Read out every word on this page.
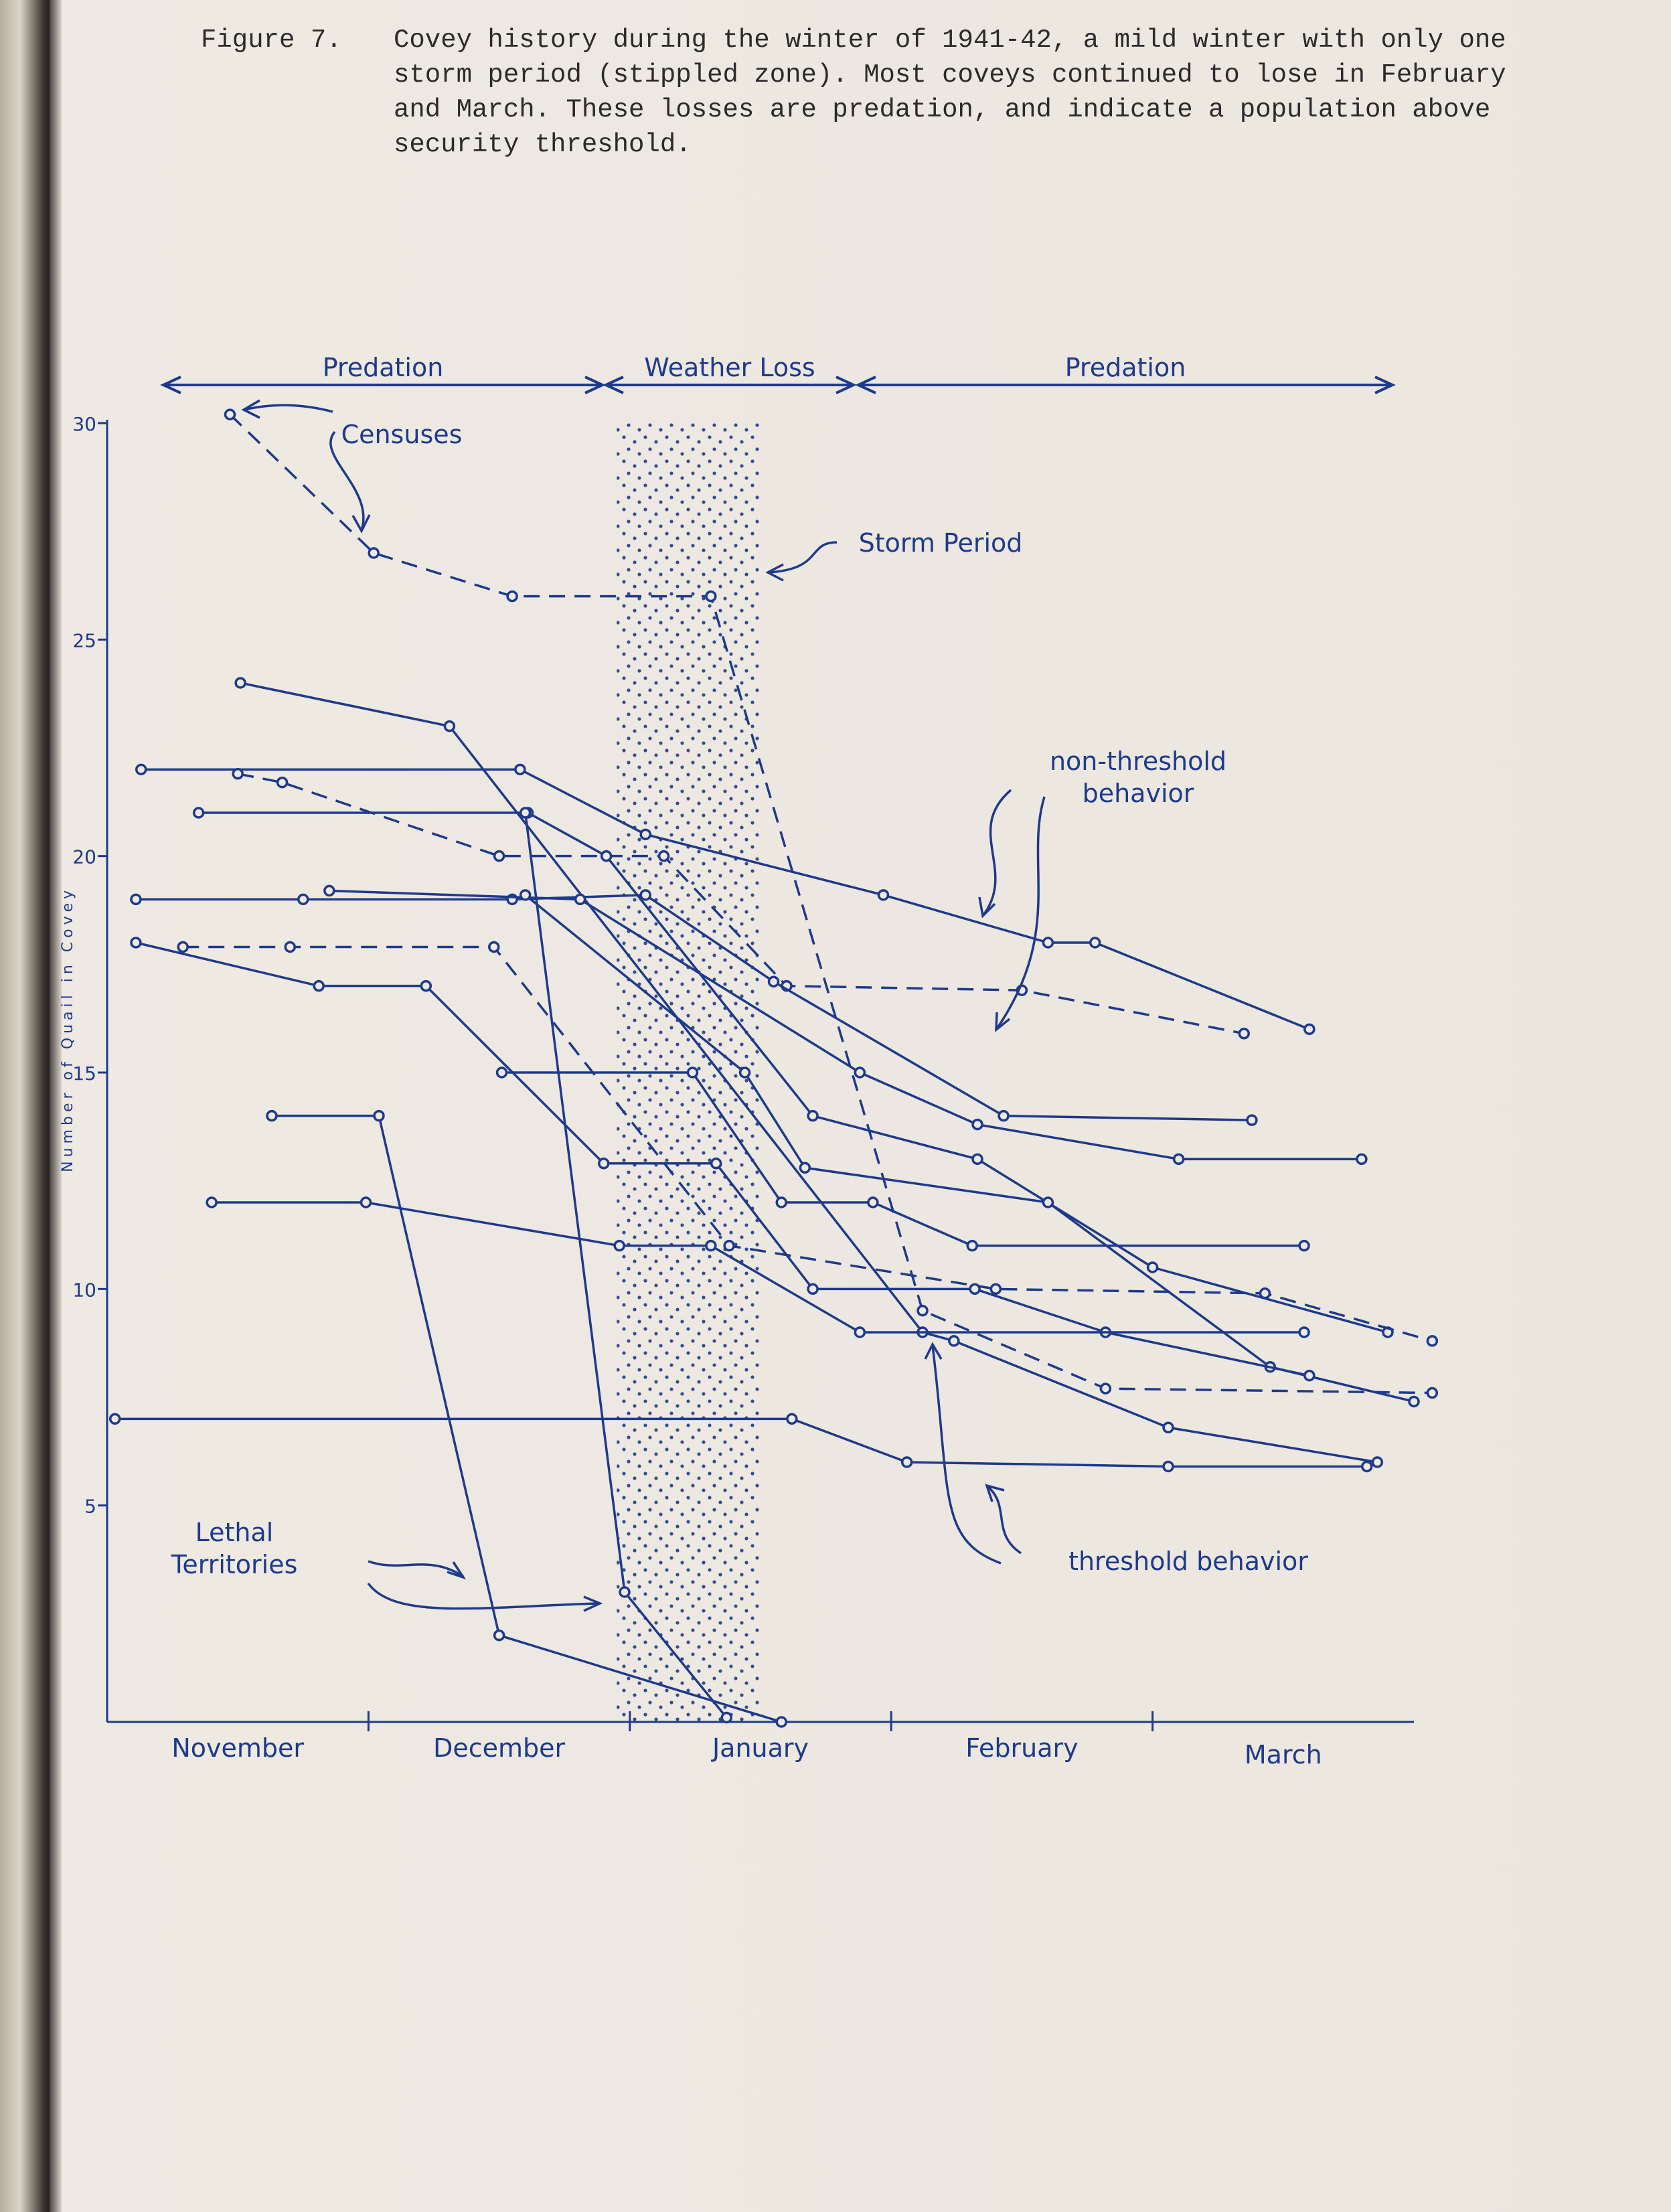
Figure 7. Covey history during the winter of 1941-42, a mild winter with only one storm period (stippled zone). Most coveys continued to lose in February and March. These losses are predation, and indicate a population above security threshold.
5
10
15
20
25
30
Number of Quail in Covey
November	December	January	February	March
Predation	Weather Loss	Predation
Censuses
Storm Period
non-threshold
behavior
threshold behavior
Lethal
Territories
